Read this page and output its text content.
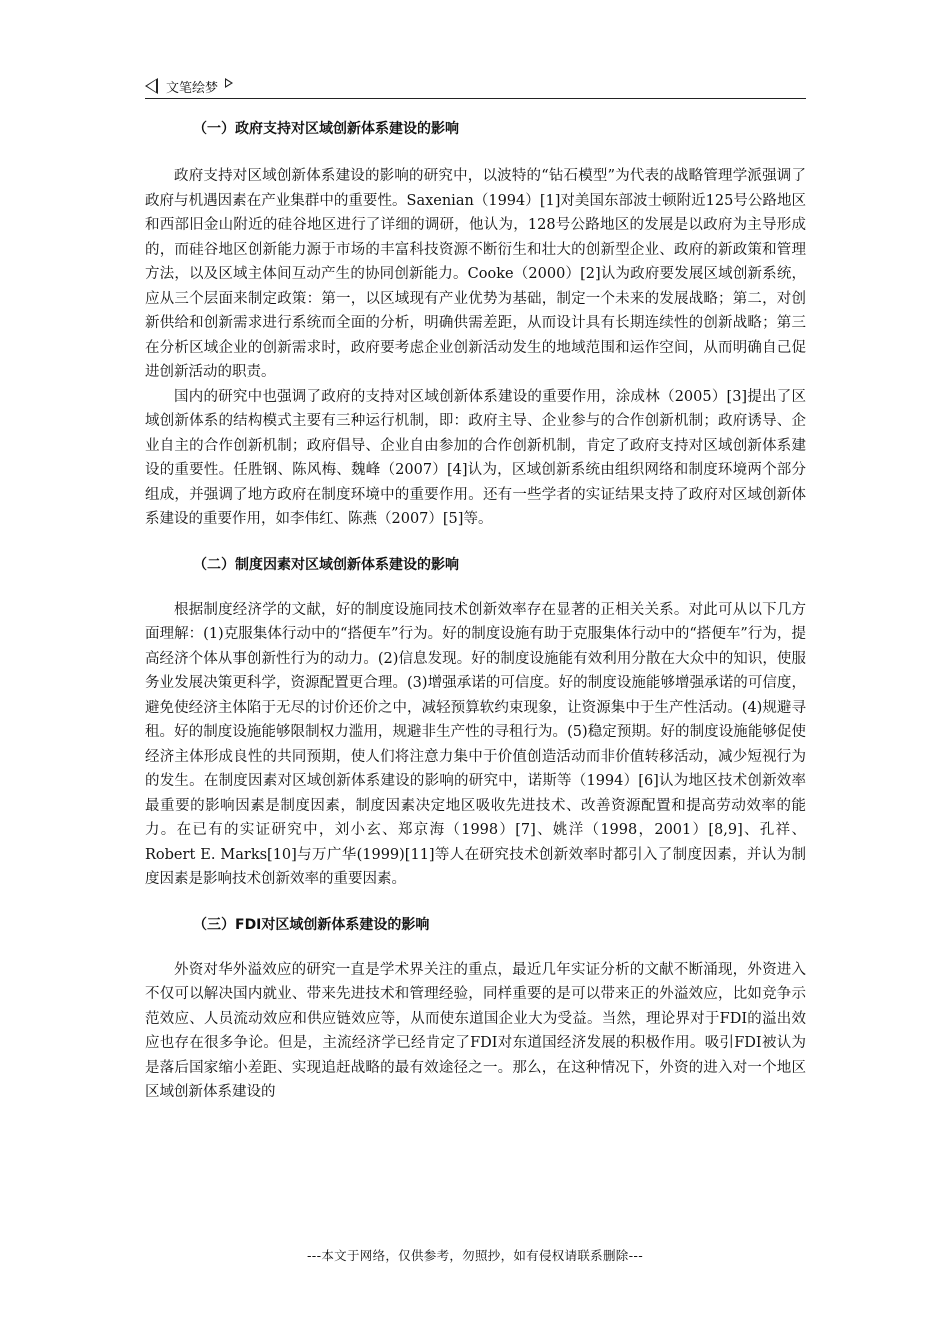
文笔绘梦
（一）政府支持对区域创新体系建设的影响

政府支持对区域创新体系建设的影响的研究中，以波特的“钻石模型”为代表的战略管理学派强调了政府与机遇因素在产业集群中的重要性。Saxenian（1994）[1]对美国东部波士顿附近125号公路地区和西部旧金山附近的硅谷地区进行了详细的调研，他认为，128号公路地区的发展是以政府为主导形成的，而硅谷地区创新能力源于市场的丰富科技资源不断衍生和壮大的创新型企业、政府的新政策和管理方法，以及区域主体间互动产生的协同创新能力。Cooke（2000）[2]认为政府要发展区域创新系统，应从三个层面来制定政策：第一，以区域现有产业优势为基础，制定一个未来的发展战略；第二，对创新供给和创新需求进行系统而全面的分析，明确供需差距，从而设计具有长期连续性的创新战略；第三在分析区域企业的创新需求时，政府要考虑企业创新活动发生的地域范围和运作空间，从而明确自己促进创新活动的职责。

国内的研究中也强调了政府的支持对区域创新体系建设的重要作用，涂成林（2005）[3]提出了区域创新体系的结构模式主要有三种运行机制，即：政府主导、企业参与的合作创新机制；政府诱导、企业自主的合作创新机制；政府倡导、企业自由参加的合作创新机制，肯定了政府支持对区域创新体系建设的重要性。任胜钢、陈风梅、魏峰（2007）[4]认为，区域创新系统由组织网络和制度环境两个部分组成，并强调了地方政府在制度环境中的重要作用。还有一些学者的实证结果支持了政府对区域创新体系建设的重要作用，如李伟红、陈燕（2007）[5]等。

（二）制度因素对区域创新体系建设的影响

根据制度经济学的文献，好的制度设施同技术创新效率存在显著的正相关关系。对此可从以下几方面理解：(1)克服集体行动中的“搭便车”行为。好的制度设施有助于克服集体行动中的“搭便车”行为，提高经济个体从事创新性行为的动力。(2)信息发现。好的制度设施能有效利用分散在大众中的知识，使服务业发展决策更科学，资源配置更合理。(3)增强承诺的可信度。好的制度设施能够增强承诺的可信度，避免使经济主体陷于无尽的讨价还价之中，减轻预算软约束现象，让资源集中于生产性活动。(4)规避寻租。好的制度设施能够限制权力滥用，规避非生产性的寻租行为。(5)稳定预期。好的制度设施能够促使经济主体形成良性的共同预期，使人们将注意力集中于价值创造活动而非价值转移活动，减少短视行为的发生。在制度因素对区域创新体系建设的影响的研究中，诺斯等（1994）[6]认为地区技术创新效率最重要的影响因素是制度因素，制度因素决定地区吸收先进技术、改善资源配置和提高劳动效率的能力。在已有的实证研究中，刘小玄、郑京海（1998）[7]、姚洋（1998，2001）[8,9]、孔祥、Robert E. Marks[10]与万广华(1999)[11]等人在研究技术创新效率时都引入了制度因素，并认为制度因素是影响技术创新效率的重要因素。

（三）FDI对区域创新体系建设的影响

外资对华外溢效应的研究一直是学术界关注的重点，最近几年实证分析的文献不断涌现，外资进入不仅可以解决国内就业、带来先进技术和管理经验，同样重要的是可以带来正的外溢效应，比如竞争示范效应、人员流动效应和供应链效应等，从而使东道国企业大为受益。当然，理论界对于FDI的溢出效应也存在很多争论。但是，主流经济学已经肯定了FDI对东道国经济发展的积极作用。吸引FDI被认为是落后国家缩小差距、实现追赶战略的最有效途径之一。那么，在这种情况下，外资的进入对一个地区区域创新体系建设的

---本文于网络，仅供参考，勿照抄，如有侵权请联系删除---
